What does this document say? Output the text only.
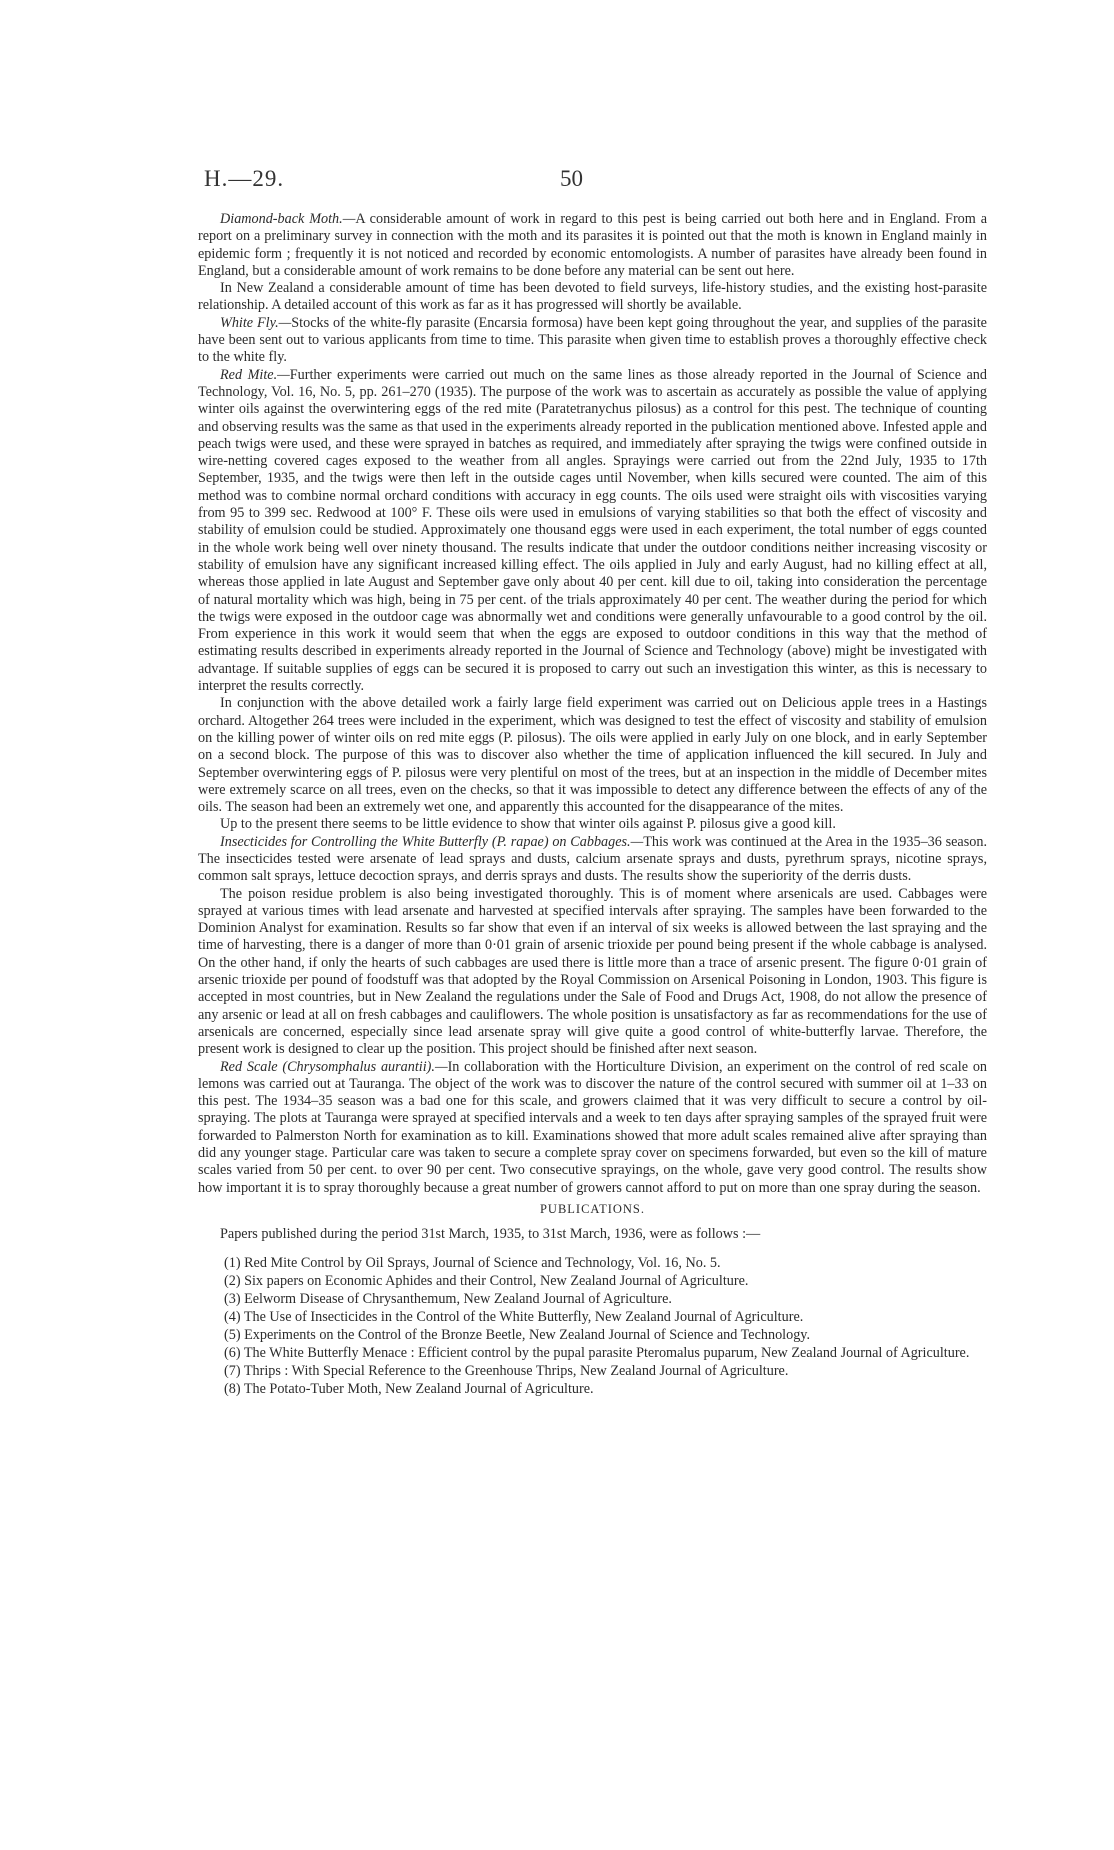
H.—29.	50

Diamond-back Moth.—A considerable amount of work in regard to this pest is being carried out both here and in England. From a report on a preliminary survey in connection with the moth and its parasites it is pointed out that the moth is known in England mainly in epidemic form ; frequently it is not noticed and recorded by economic entomologists. A number of parasites have already been found in England, but a considerable amount of work remains to be done before any material can be sent out here.

In New Zealand a considerable amount of time has been devoted to field surveys, life-history studies, and the existing host-parasite relationship. A detailed account of this work as far as it has progressed will shortly be available.

White Fly.—Stocks of the white-fly parasite (Encarsia formosa) have been kept going throughout the year, and supplies of the parasite have been sent out to various applicants from time to time. This parasite when given time to establish proves a thoroughly effective check to the white fly.

Red Mite.—Further experiments were carried out much on the same lines as those already reported in the Journal of Science and Technology, Vol. 16, No. 5, pp. 261–270 (1935). The purpose of the work was to ascertain as accurately as possible the value of applying winter oils against the overwintering eggs of the red mite (Paratetranychus pilosus) as a control for this pest. The technique of counting and observing results was the same as that used in the experiments already reported in the publication mentioned above. Infested apple and peach twigs were used, and these were sprayed in batches as required, and immediately after spraying the twigs were confined outside in wire-netting covered cages exposed to the weather from all angles. Sprayings were carried out from the 22nd July, 1935 to 17th September, 1935, and the twigs were then left in the outside cages until November, when kills secured were counted. The aim of this method was to combine normal orchard conditions with accuracy in egg counts. The oils used were straight oils with viscosities varying from 95 to 399 sec. Redwood at 100° F. These oils were used in emulsions of varying stabilities so that both the effect of viscosity and stability of emulsion could be studied. Approximately one thousand eggs were used in each experiment, the total number of eggs counted in the whole work being well over ninety thousand. The results indicate that under the outdoor conditions neither increasing viscosity or stability of emulsion have any significant increased killing effect. The oils applied in July and early August, had no killing effect at all, whereas those applied in late August and September gave only about 40 per cent. kill due to oil, taking into consideration the percentage of natural mortality which was high, being in 75 per cent. of the trials approximately 40 per cent. The weather during the period for which the twigs were exposed in the outdoor cage was abnormally wet and conditions were generally unfavourable to a good control by the oil. From experience in this work it would seem that when the eggs are exposed to outdoor conditions in this way that the method of estimating results described in experiments already reported in the Journal of Science and Technology (above) might be investigated with advantage. If suitable supplies of eggs can be secured it is proposed to carry out such an investigation this winter, as this is necessary to interpret the results correctly.

In conjunction with the above detailed work a fairly large field experiment was carried out on Delicious apple trees in a Hastings orchard. Altogether 264 trees were included in the experiment, which was designed to test the effect of viscosity and stability of emulsion on the killing power of winter oils on red mite eggs (P. pilosus). The oils were applied in early July on one block, and in early September on a second block. The purpose of this was to discover also whether the time of application influenced the kill secured. In July and September overwintering eggs of P. pilosus were very plentiful on most of the trees, but at an inspection in the middle of December mites were extremely scarce on all trees, even on the checks, so that it was impossible to detect any difference between the effects of any of the oils. The season had been an extremely wet one, and apparently this accounted for the disappearance of the mites.

Up to the present there seems to be little evidence to show that winter oils against P. pilosus give a good kill.

Insecticides for Controlling the White Butterfly (P. rapae) on Cabbages.—This work was continued at the Area in the 1935–36 season. The insecticides tested were arsenate of lead sprays and dusts, calcium arsenate sprays and dusts, pyrethrum sprays, nicotine sprays, common salt sprays, lettuce decoction sprays, and derris sprays and dusts. The results show the superiority of the derris dusts.

The poison residue problem is also being investigated thoroughly. This is of moment where arsenicals are used. Cabbages were sprayed at various times with lead arsenate and harvested at specified intervals after spraying. The samples have been forwarded to the Dominion Analyst for examination. Results so far show that even if an interval of six weeks is allowed between the last spraying and the time of harvesting, there is a danger of more than 0·01 grain of arsenic trioxide per pound being present if the whole cabbage is analysed. On the other hand, if only the hearts of such cabbages are used there is little more than a trace of arsenic present. The figure 0·01 grain of arsenic trioxide per pound of foodstuff was that adopted by the Royal Commission on Arsenical Poisoning in London, 1903. This figure is accepted in most countries, but in New Zealand the regulations under the Sale of Food and Drugs Act, 1908, do not allow the presence of any arsenic or lead at all on fresh cabbages and cauliflowers. The whole position is unsatisfactory as far as recommendations for the use of arsenicals are concerned, especially since lead arsenate spray will give quite a good control of white-butterfly larvae. Therefore, the present work is designed to clear up the position. This project should be finished after next season.

Red Scale (Chrysomphalus aurantii).—In collaboration with the Horticulture Division, an experiment on the control of red scale on lemons was carried out at Tauranga. The object of the work was to discover the nature of the control secured with summer oil at 1–33 on this pest. The 1934–35 season was a bad one for this scale, and growers claimed that it was very difficult to secure a control by oil-spraying. The plots at Tauranga were sprayed at specified intervals and a week to ten days after spraying samples of the sprayed fruit were forwarded to Palmerston North for examination as to kill. Examinations showed that more adult scales remained alive after spraying than did any younger stage. Particular care was taken to secure a complete spray cover on specimens forwarded, but even so the kill of mature scales varied from 50 per cent. to over 90 per cent. Two consecutive sprayings, on the whole, gave very good control. The results show how important it is to spray thoroughly because a great number of growers cannot afford to put on more than one spray during the season.

PUBLICATIONS.

Papers published during the period 31st March, 1935, to 31st March, 1936, were as follows :—

(1) Red Mite Control by Oil Sprays, Journal of Science and Technology, Vol. 16, No. 5.
(2) Six papers on Economic Aphides and their Control, New Zealand Journal of Agriculture.
(3) Eelworm Disease of Chrysanthemum, New Zealand Journal of Agriculture.
(4) The Use of Insecticides in the Control of the White Butterfly, New Zealand Journal of Agriculture.
(5) Experiments on the Control of the Bronze Beetle, New Zealand Journal of Science and Technology.
(6) The White Butterfly Menace : Efficient control by the pupal parasite Pteromalus puparum, New Zealand Journal of Agriculture.
(7) Thrips : With Special Reference to the Greenhouse Thrips, New Zealand Journal of Agriculture.
(8) The Potato-Tuber Moth, New Zealand Journal of Agriculture.
